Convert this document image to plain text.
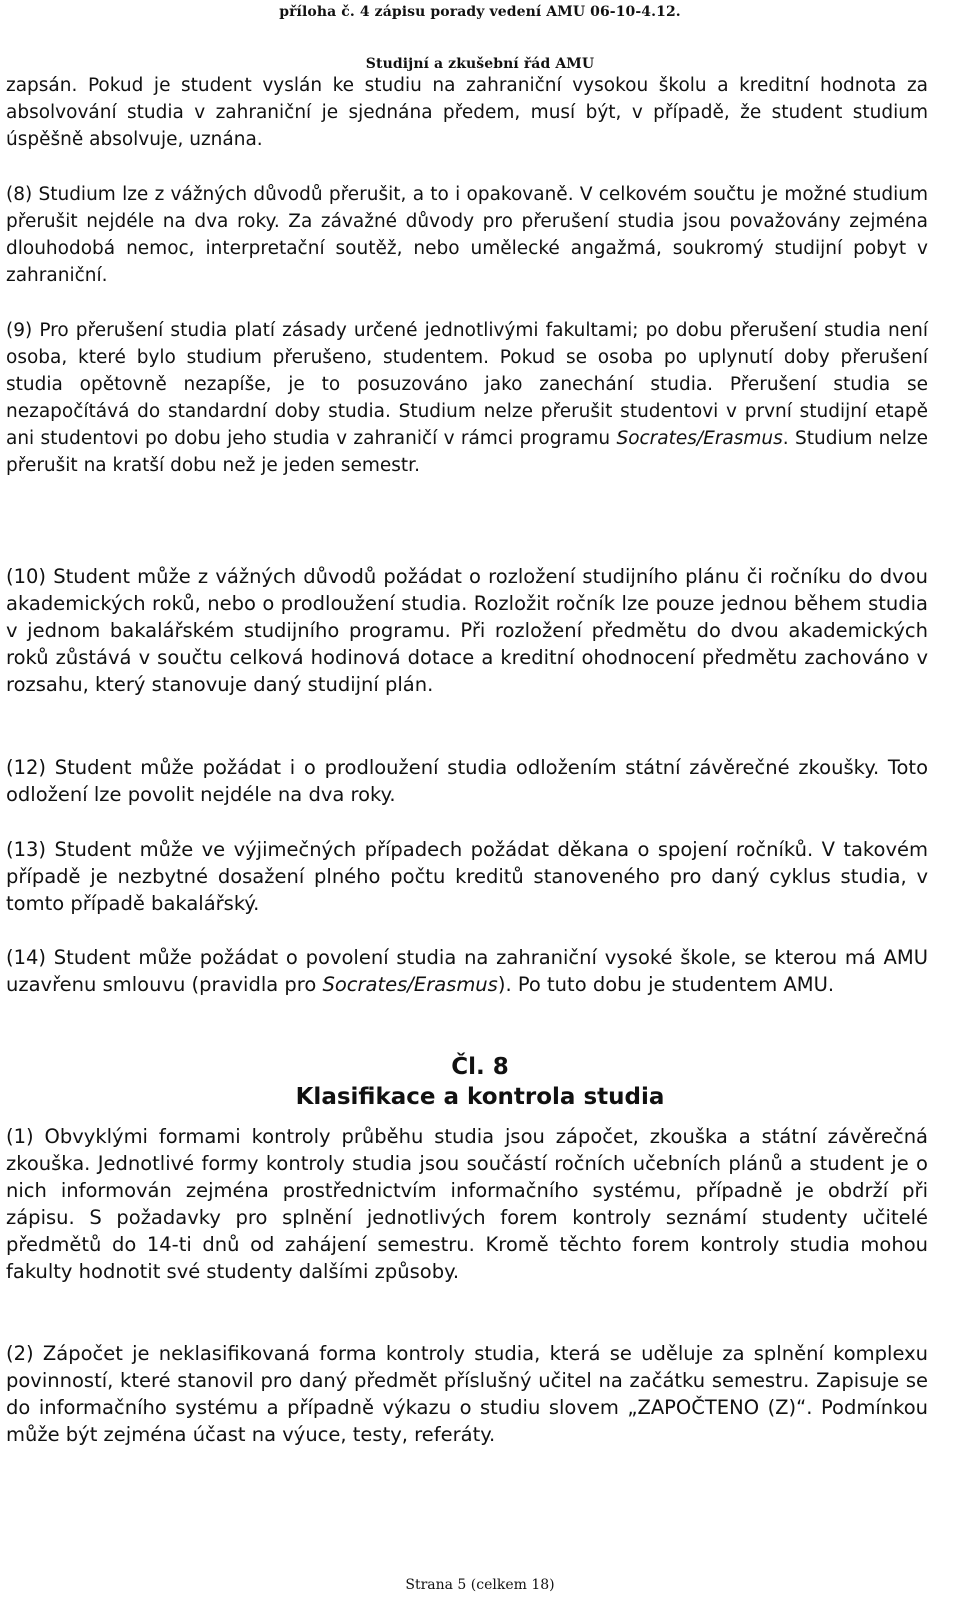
příloha č. 4 zápisu porady vedení AMU 06-10-4.12.
Studijní a zkušební řád AMU

zapsán. Pokud je student vyslán ke studiu na zahraniční vysokou školu a kreditní hodnota za absolvování studia v zahraniční je sjednána předem, musí být, v případě, že student studium úspěšně absolvuje, uznána.

(8) Studium lze z vážných důvodů přerušit, a to i opakovaně. V celkovém součtu je možné studium přerušit nejdéle na dva roky. Za závažné důvody pro přerušení studia jsou považovány zejména dlouhodobá nemoc, interpretační soutěž, nebo umělecké angažmá, soukromý studijní pobyt v zahraniční.

(9) Pro přerušení studia platí zásady určené jednotlivými fakultami; po dobu přerušení studia není osoba, které bylo studium přerušeno, studentem. Pokud se osoba po uplynutí doby přerušení studia opětovně nezapíše, je to posuzováno jako zanechání studia. Přerušení studia se nezapočítává do standardní doby studia. Studium nelze přerušit studentovi v první studijní etapě ani studentovi po dobu jeho studia v zahraničí v rámci programu Socrates/Erasmus. Studium nelze přerušit na kratší dobu než je jeden semestr.

(10) Student může z vážných důvodů požádat o rozložení studijního plánu či ročníku do dvou akademických roků, nebo o prodloužení studia. Rozložit ročník lze pouze jednou během studia v jednom bakalářském studijního programu. Při rozložení předmětu do dvou akademických roků zůstává v součtu celková hodinová dotace a kreditní ohodnocení předmětu zachováno v rozsahu, který stanovuje daný studijní plán.

(12) Student může požádat i o prodloužení studia odložením státní závěrečné zkoušky. Toto odložení lze povolit nejdéle na dva roky.

(13) Student může ve výjimečných případech požádat děkana o spojení ročníků. V takovém případě je nezbytné dosažení plného počtu kreditů stanoveného pro daný cyklus studia, v tomto případě bakalářský.

(14) Student může požádat o povolení studia na zahraniční vysoké škole, se kterou má AMU uzavřenu smlouvu (pravidla pro Socrates/Erasmus). Po tuto dobu je studentem AMU.

Čl. 8
Klasifikace a kontrola studia

(1) Obvyklými formami kontroly průběhu studia jsou zápočet, zkouška a státní závěrečná zkouška. Jednotlivé formy kontroly studia jsou součástí ročních učebních plánů a student je o nich informován zejména prostřednictvím informačního systému, případně je obdrží při zápisu. S požadavky pro splnění jednotlivých forem kontroly seznámí studenty učitelé předmětů do 14-ti dnů od zahájení semestru. Kromě těchto forem kontroly studia mohou fakulty hodnotit své studenty dalšími způsoby.

(2) Zápočet je neklasifikovaná forma kontroly studia, která se uděluje za splnění komplexu povinností, které stanovil pro daný předmět příslušný učitel na začátku semestru. Zapisuje se do informačního systému a případně výkazu o studiu slovem „ZAPOČTENO (Z)“. Podmínkou může být zejména účast na výuce, testy, referáty.

Strana 5 (celkem 18)
